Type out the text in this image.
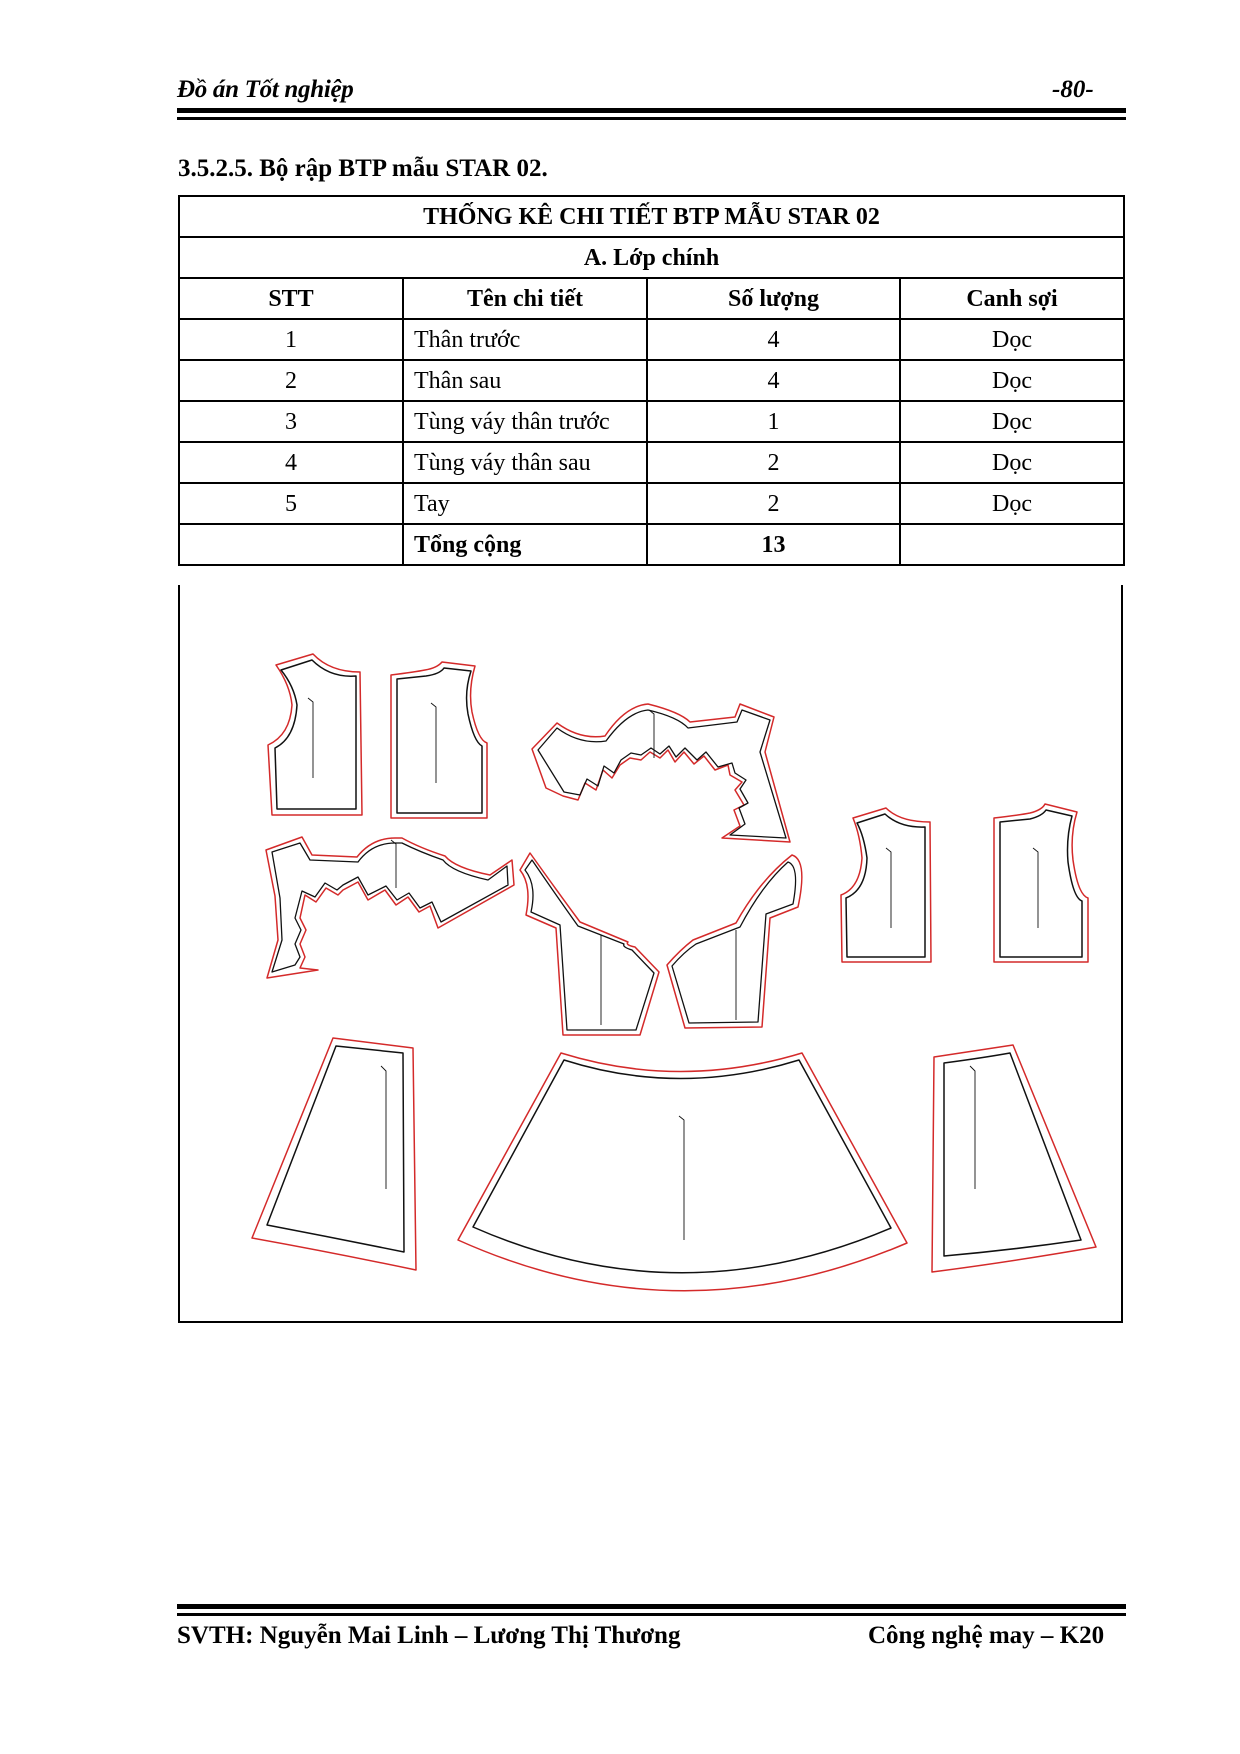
Đồ án Tốt nghiệp	-80-
3.5.2.5. Bộ rập BTP mẫu STAR 02.
THỐNG KÊ CHI TIẾT BTP MẪU STAR 02			
A. Lớp chính			
STT	Tên chi tiết	Số lượng	Canh sợi
1	Thân trước	4	Dọc
2	Thân sau	4	Dọc
3	Tùng váy thân trước	1	Dọc
4	Tùng váy thân sau	2	Dọc
5	Tay	2	Dọc
	Tổng cộng	13	
STAR 02 - M ÁO TS CHÍNH X2	STAR 02 - M ÁO TS CHÍNH X2	STAR 02 - M TAY CHÍNH X2
STAR 02 - M ÁO TS LÓT X2	STAR 02 - M ÁO TS LÓT X2
STAR 02 - M TAY CHÍNH X2
STAR 02 - M ÁO TT CHÍNH X4	STAR 02 - M ÁO TT CHÍNH X4
STAR 02 - M TÙNG VÁY TS CHÍNH X2
STAR 02 - M TÙNG VÁY TT CHÍNH X1
STAR 02 - M TÙNG VÁY TS CHÍNH X2
SVTH: Nguyễn Mai Linh – Lương Thị Thương	Công nghệ may – K20
